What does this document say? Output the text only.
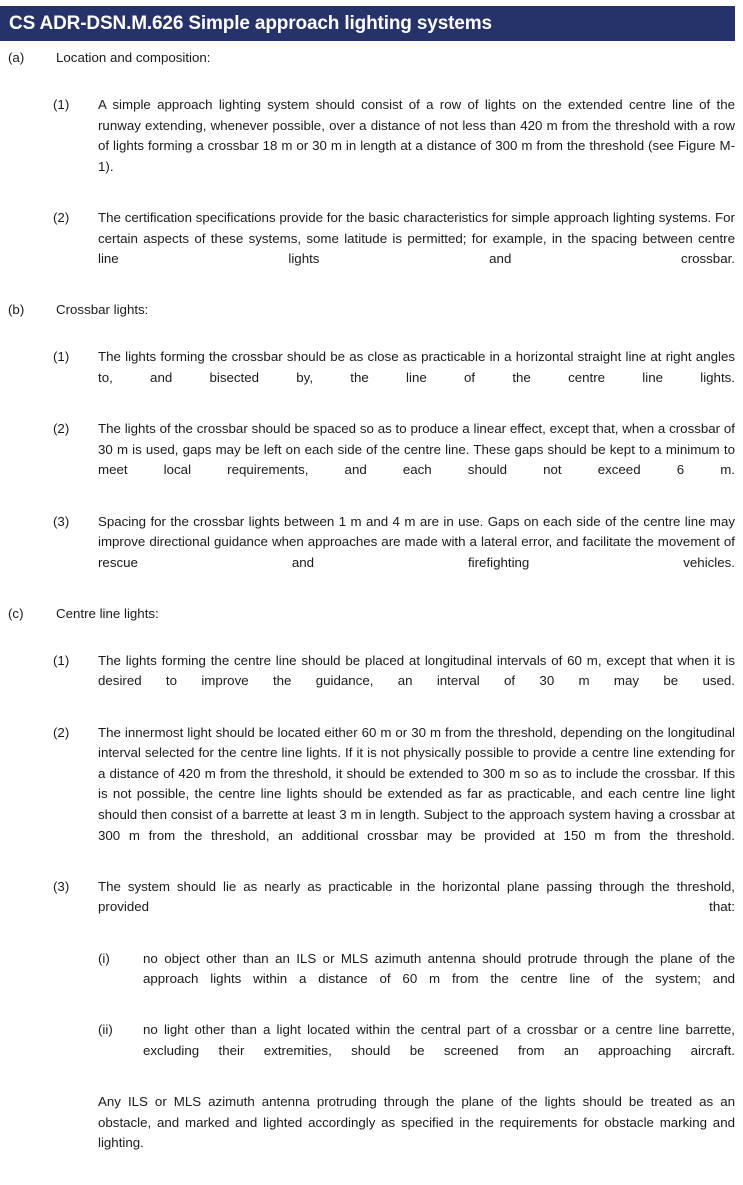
CS ADR-DSN.M.626 Simple approach lighting systems
(a)	Location and composition:
(1)	A simple approach lighting system should consist of a row of lights on the extended centre line of the runway extending, whenever possible, over a distance of not less than 420 m from the threshold with a row of lights forming a crossbar 18 m or 30 m in length at a distance of 300 m from the threshold (see Figure M-1).
(2)	The certification specifications provide for the basic characteristics for simple approach lighting systems. For certain aspects of these systems, some latitude is permitted; for example, in the spacing between centre line lights and crossbar.
(b)	Crossbar lights:
(1)	The lights forming the crossbar should be as close as practicable in a horizontal straight line at right angles to, and bisected by, the line of the centre line lights.
(2)	The lights of the crossbar should be spaced so as to produce a linear effect, except that, when a crossbar of 30 m is used, gaps may be left on each side of the centre line. These gaps should be kept to a minimum to meet local requirements, and each should not exceed 6 m.
(3)	Spacing for the crossbar lights between 1 m and 4 m are in use. Gaps on each side of the centre line may improve directional guidance when approaches are made with a lateral error, and facilitate the movement of rescue and firefighting vehicles.
(c)	Centre line lights:
(1)	The lights forming the centre line should be placed at longitudinal intervals of 60 m, except that when it is desired to improve the guidance, an interval of 30 m may be used.
(2)	The innermost light should be located either 60 m or 30 m from the threshold, depending on the longitudinal interval selected for the centre line lights. If it is not physically possible to provide a centre line extending for a distance of 420 m from the threshold, it should be extended to 300 m so as to include the crossbar. If this is not possible, the centre line lights should be extended as far as practicable, and each centre line light should then consist of a barrette at least 3 m in length. Subject to the approach system having a crossbar at 300 m from the threshold, an additional crossbar may be provided at 150 m from the threshold.
(3)	The system should lie as nearly as practicable in the horizontal plane passing through the threshold, provided that:
(i)	no object other than an ILS or MLS azimuth antenna should protrude through the plane of the approach lights within a distance of 60 m from the centre line of the system; and
(ii)	no light other than a light located within the central part of a crossbar or a centre line barrette, excluding their extremities, should be screened from an approaching aircraft.
Any ILS or MLS azimuth antenna protruding through the plane of the lights should be treated as an obstacle, and marked and lighted accordingly as specified in the requirements for obstacle marking and lighting.
